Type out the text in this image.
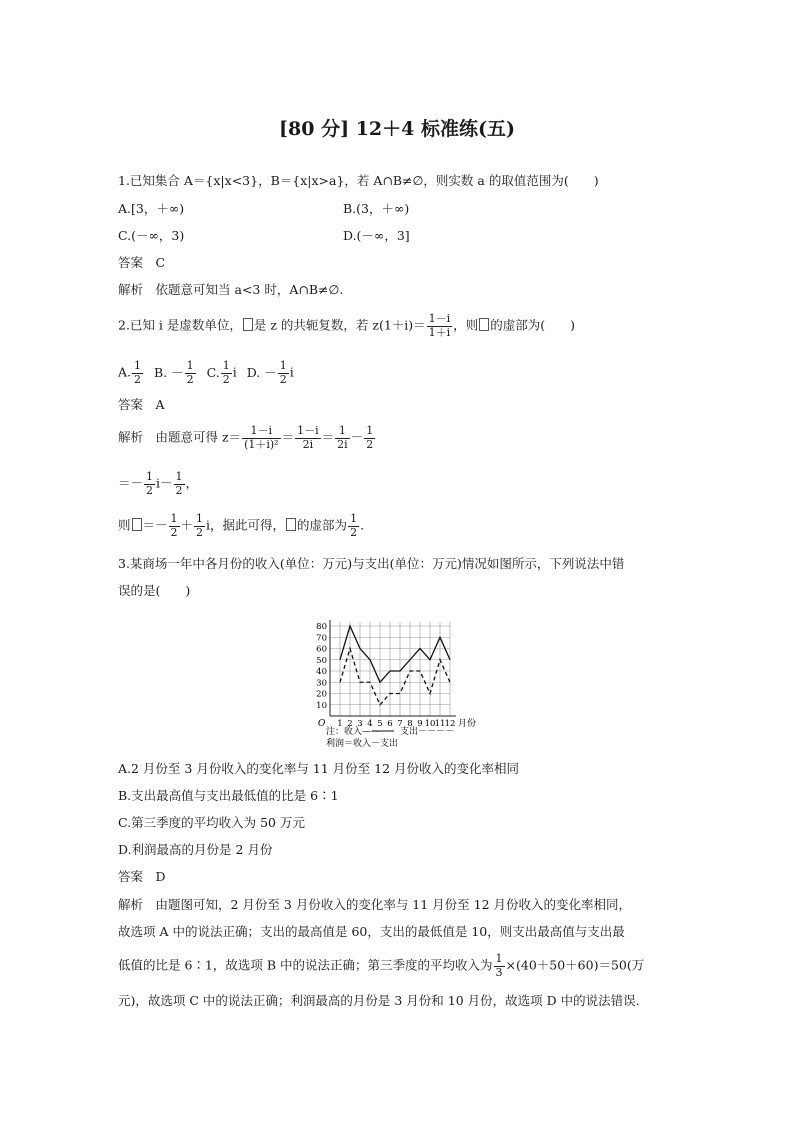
[80 分] 12＋4 标准练(五)
1.已知集合 A＝{x|x<3}，B＝{x|x>a}，若 A∩B≠∅，则实数 a 的取值范围为(　　)
A.[3，＋∞)	B.(3，＋∞)
C.(－∞，3)	D.(－∞，3]
答案　C
解析　依题意可知当 a<3 时，A∩B≠∅.
2.已知 i 是虚数单位， 是 z 的共轭复数，若 $z(1+i)= \frac{1-i}{1+i}$ ，则 的虚部为(　　)
A. $\frac{1}{2} B$. － $\frac{1}{2} C$. $\frac{1}{2}$ i D. － $\frac{1}{2}$ i
答案　A
解析　由题意可得 $z= \frac{1-i}{\text{(1＋i)²}} = \frac{1-i}{2i} = \frac{1}{2i} - \frac{1}{2}$
＝－ $\frac{1}{2} i- \frac{1}{2}$ ，
则 ＝－ $\frac{1}{2} + \frac{1}{2}$ i，据此可得， 的虚部为 $\frac{1}{2}$ .
3.某商场一年中各月份的收入(单位：万元)与支出(单位：万元)情况如图所示，下列说法中错
误的是(　　)
10
20
30
40
50
60
70
80
1 2 3 4 5 6 7 8 9 10 11 12
O	月份
注：收入—— 支出－－－－
利润＝收入－支出
A.2 月份至 3 月份收入的变化率与 11 月份至 12 月份收入的变化率相同
B.支出最高值与支出最低值的比是 6∶1
C.第三季度的平均收入为 50 万元
D.利润最高的月份是 2 月份
答案　D
解析　由题图可知，2 月份至 3 月份收入的变化率与 11 月份至 12 月份收入的变化率相同，
故选项 A 中的说法正确；支出的最高值是 60，支出的最低值是 10，则支出最高值与支出最
低值的比是 6∶1，故选项 B 中的说法正确；第三季度的平均收入为 $\frac{1}{3} \times(40+50+60)=50$(万
元)，故选项 C 中的说法正确；利润最高的月份是 3 月份和 10 月份，故选项 D 中的说法错误.
